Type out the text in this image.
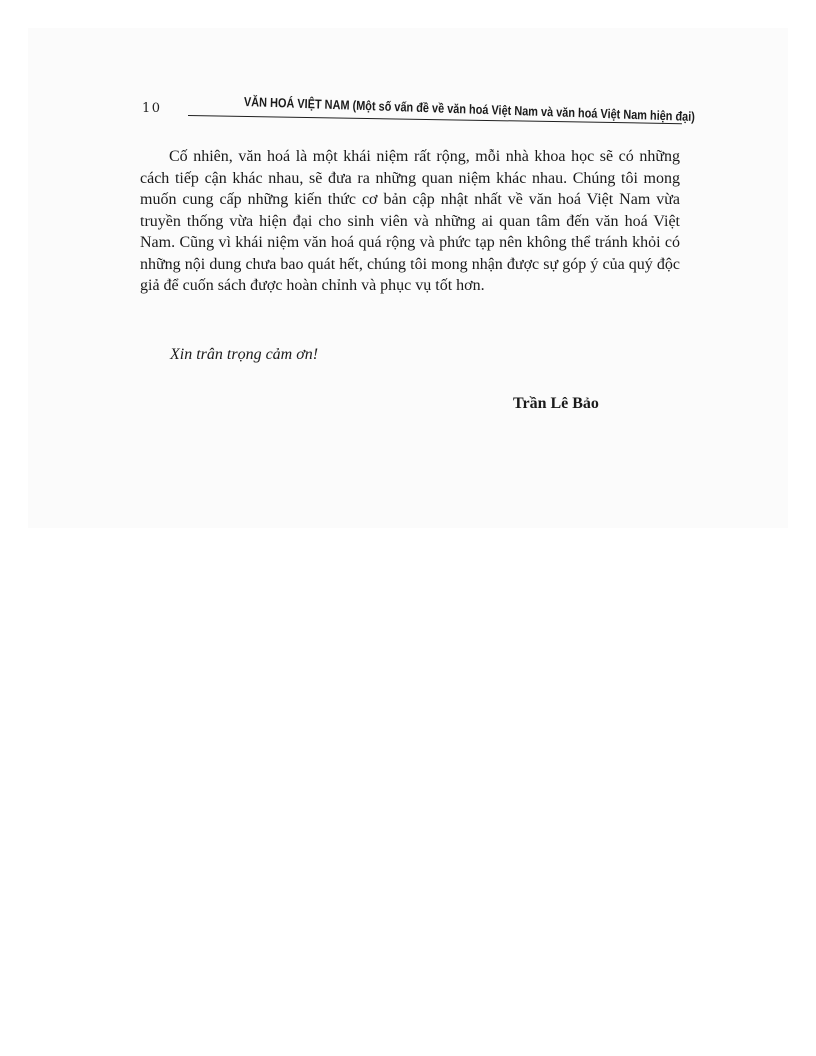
10	VĂN HOÁ VIỆT NAM (Một số vấn đề về văn hoá Việt Nam và văn hoá Việt Nam hiện đại)

Cố nhiên, văn hoá là một khái niệm rất rộng, mỗi nhà khoa học sẽ có những cách tiếp cận khác nhau, sẽ đưa ra những quan niệm khác nhau. Chúng tôi mong muốn cung cấp những kiến thức cơ bản cập nhật nhất về văn hoá Việt Nam vừa truyền thống vừa hiện đại cho sinh viên và những ai quan tâm đến văn hoá Việt Nam. Cũng vì khái niệm văn hoá quá rộng và phức tạp nên không thể tránh khỏi có những nội dung chưa bao quát hết, chúng tôi mong nhận được sự góp ý của quý độc giả để cuốn sách được hoàn chỉnh và phục vụ tốt hơn.

Xin trân trọng cảm ơn!
Trần Lê Bảo
